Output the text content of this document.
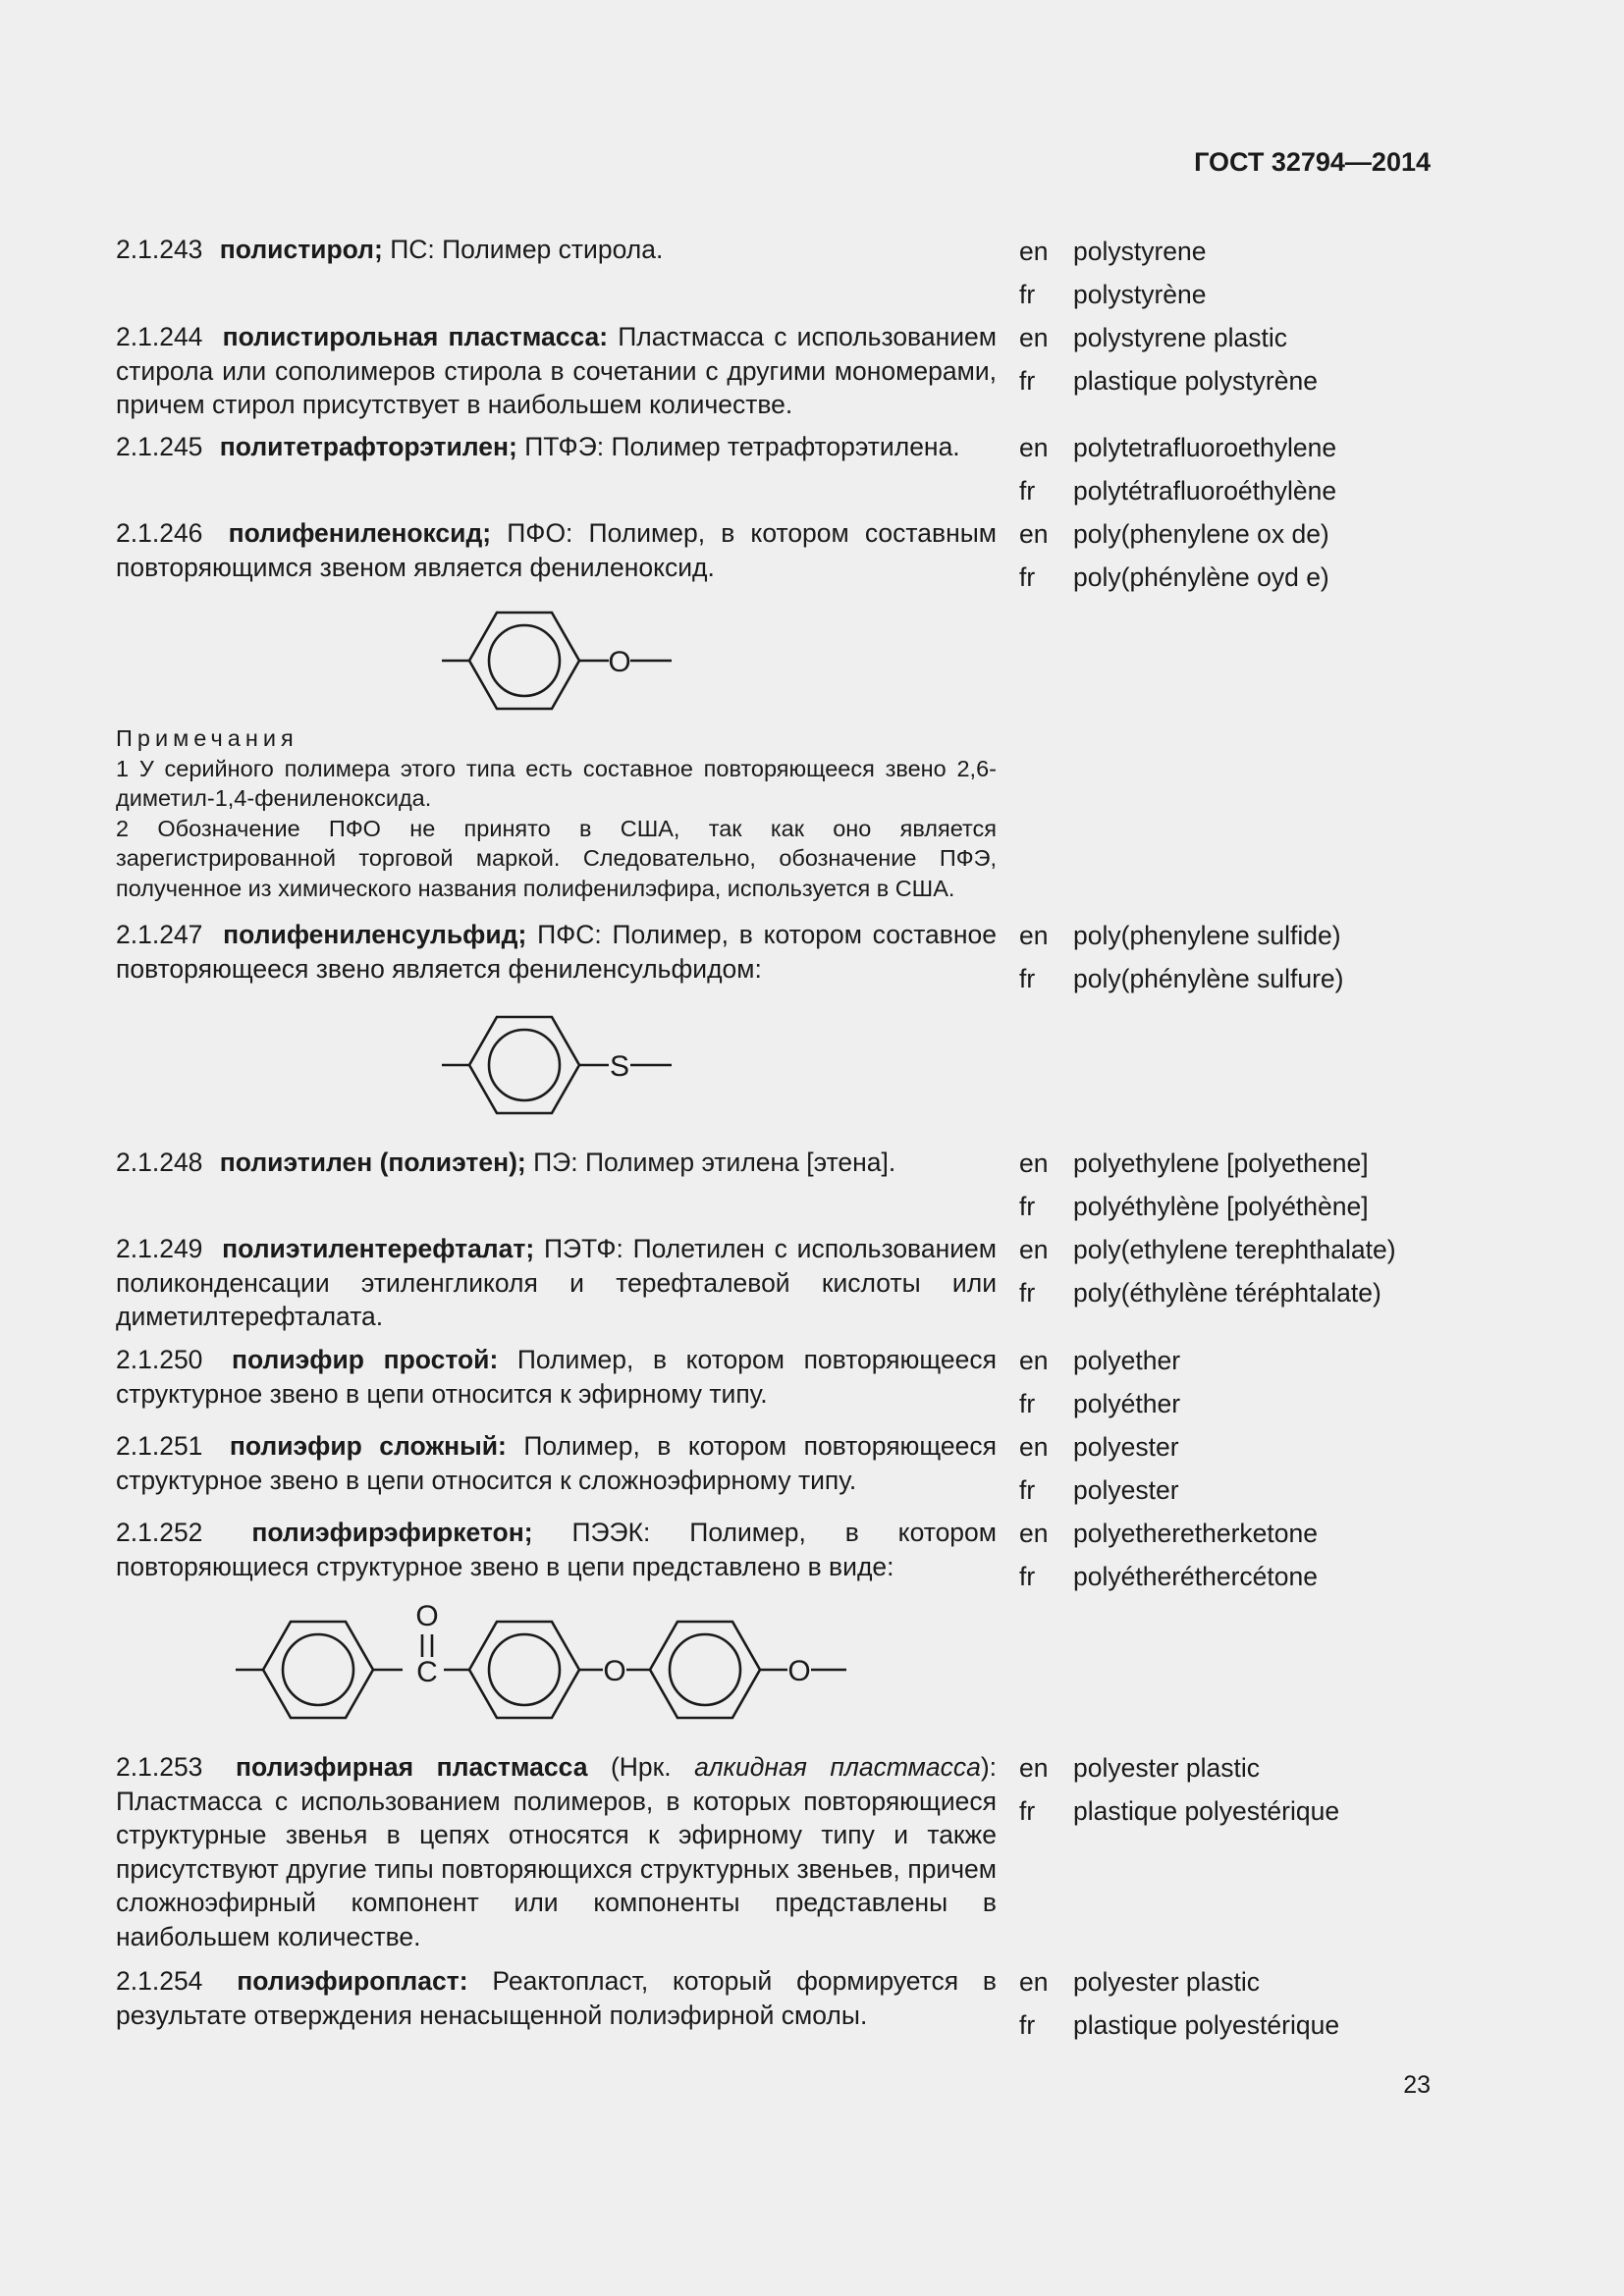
ГОСТ 32794—2014
2.1.243 полистирол; ПС: Полимер стирола.	en polystyrene
fr polystyrène
2.1.244 полистирольная пластмасса: Пластмасса с использованием стирола или сополимеров стирола в сочетании с другими мономерами, причем стирол присутствует в наибольшем количестве.
en polystyrene plastic
fr plastique polystyrène
2.1.245 политетрафторэтилен; ПТФЭ: Полимер тетрафторэтилена.	en polytetrafluoroethylene
fr polytétrafluoroéthylène
2.1.246 полифениленоксид; ПФО: Полимер, в котором составным повторяющимся звеном является фениленоксид.
en poly(phenylene ox de)
fr poly(phénylène oyd e)
O
Примечания
1 У серийного полимера этого типа есть составное повторяющееся звено 2,6-диметил-1,4-фениленоксида.
2 Обозначение ПФО не принято в США, так как оно является зарегистрированной торговой маркой. Следовательно, обозначение ПФЭ, полученное из химического названия полифенилэфира, используется в США.
2.1.247 полифениленсульфид; ПФС: Полимер, в котором составное повторяющееся звено является фениленсульфидом:
en poly(phenylene sulfide)
fr poly(phénylène sulfure)
S
2.1.248 полиэтилен (полиэтен); ПЭ: Полимер этилена [этена].	en polyethylene [polyethene]
fr polyéthylène [polyéthène]
2.1.249 полиэтилентерефталат; ПЭТФ: Полетилен с использованием поликонденсации этиленгликоля и терефталевой кислоты или диметилтерефталата.
en poly(ethylene terephthalate)
fr poly(éthylène téréphtalate)
2.1.250 полиэфир простой: Полимер, в котором повторяющееся структурное звено в цепи относится к эфирному типу.
en polyether
fr polyéther
2.1.251 полиэфир сложный: Полимер, в котором повторяющееся структурное звено в цепи относится к сложноэфирному типу.
en polyester
fr polyester
2.1.252 полиэфирэфиркетон; ПЭЭК: Полимер, в котором повторяющиеся структурное звено в цепи представлено в виде:
en polyetheretherketone
fr polyétheréthercétone
C
O
O	O
2.1.253 полиэфирная пластмасса (Нрк. алкидная пластмасса): Пластмасса с использованием полимеров, в которых повторяющиеся структурные звенья в цепях относятся к эфирному типу и также присутствуют другие типы повторяющихся структурных звеньев, причем сложноэфирный компонент или компоненты представлены в наибольшем количестве.
en polyester plastic
fr plastique polyestérique
2.1.254 полиэфиропласт: Реактопласт, который формируется в результате отверждения ненасыщенной полиэфирной смолы.
en polyester plastic
fr plastique polyestérique
23
